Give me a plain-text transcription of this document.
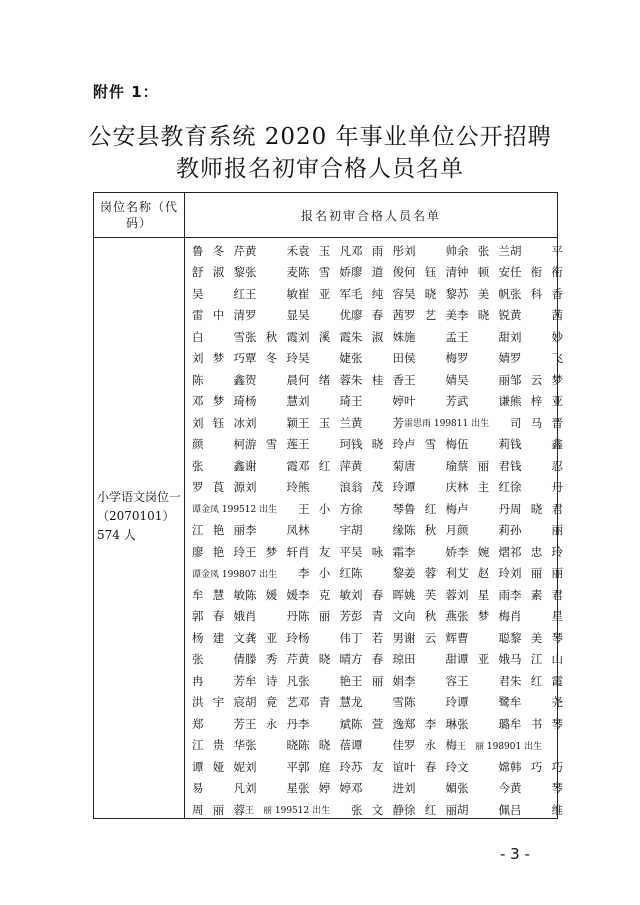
附件 1：
公安县教育系统 2020 年事业单位公开招聘
教师报名初审合格人员名单
岗位名称（代码）	报名初审合格人员名单
小学语文岗位一（2070101）574 人
鲁 冬 芹 黄	禾 袁 玉 凡 邓 雨 彤 刘	帅 余 张 兰 胡	平
舒 淑 黎 张	麦 陈 雪 娇 廖 道 俊 何 钰 清 钟 顿 安 任 衔 衔
吴	红 王	敏 崔 亚 军 毛 纯 容 吴 晓 黎 苏 美 帆 张 科 香
雷 中 清 罗	显 吴	优 廖 春 茜 罗 艺 美 李 晓 锐 黄	茜
白	雪 张 秋 霞 刘 溪 霞 朱 淑 姝 施	孟 王	甜 刘	妙
刘 梦 巧 覃 冬 玲 吴	婕 张	田 侯	梅 罗	婧 罗	飞
陈	鑫 贺	晨 何 绪 蓉 朱 桂 香 王	婧 吴	丽 邹 云 梦
邓 梦 琦 杨	慧 刘	琦 王	婷 叶	芳 武	谦 熊 梓 亚
刘 钰 冰 刘	颖 王 玉 兰 黄	芳 雷思雨 199811 出生	司 马 晋
颜	柯 游 雪 莲 王	珂 钱 晓 玲 卢 雪 梅 伍	莉 钱	鑫
张	鑫 谢	霞 邓 红 萍 黄	菊 唐	瑜 蔡 丽 君 钱	忍
罗 莨 源 刘	玲 熊	浪 翁 茂 玲 谭	庆 林 主 红 徐	丹
谭金凤 199512 出生	王 小 方 徐	琴 鲁 红 梅 卢	丹 周 晓 君
江 艳 丽 李	凤 林	宇 胡	缘 陈 秋 月 颜	莉 孙	丽
廖 艳 玲 王 梦 轩 肖 友 平 吴 咏 霜 李	娇 李 婉 熠 祁 忠 玲
谭金凤 199807 出生	李 小 红 陈	黎 姜 蓉 利 艾 赵 玲 刘 丽 丽
牟 慧 敏 陈 媛 媛 李 克 敏 刘 春 晖 姚 芙 蓉 刘 星 雨 李 素 君
郭 春 娥 肖	丹 陈 丽 芳 彭 青 文 向 秋 燕 张 梦 梅 肖	星
杨 建 文 龚 亚 玲 杨	伟 丁 若 男 谢 云 辉 曹	聪 黎 美 琴
张	倩 滕 秀 芹 黄 晓 晴 方 春 琼 田	甜 谭 亚 娥 马 江 山
冉	芳 牟 诗 凡 张	艳 王 丽 娟 李	容 王	君 朱 红 霞
洪 宇 宸 胡 竟 艺 邓 青 慧 龙	雪 陈	玲 谭	鹭 牟	尧
郑	芳 王 永 丹 李	斌 陈 萱 逸 郑 李 琳 张	璐 牟 书 琴
江 贵 华 张	晓 陈 晓 蓓 谭	佳 罗 永 梅 王　丽 198901 出生
谭 娅 妮 刘	平 郭 庭 玲 苏 友 谊 叶 春 玲 文	嫦 韩 巧 巧
易	凡 刘	星 张 婷 婷 邓	进 刘	媚 张	今 黄	琴
周 丽 蓉 王　丽 199512 出生	张 文 静 徐 红 丽 胡	佩 吕	维
- 3 -
